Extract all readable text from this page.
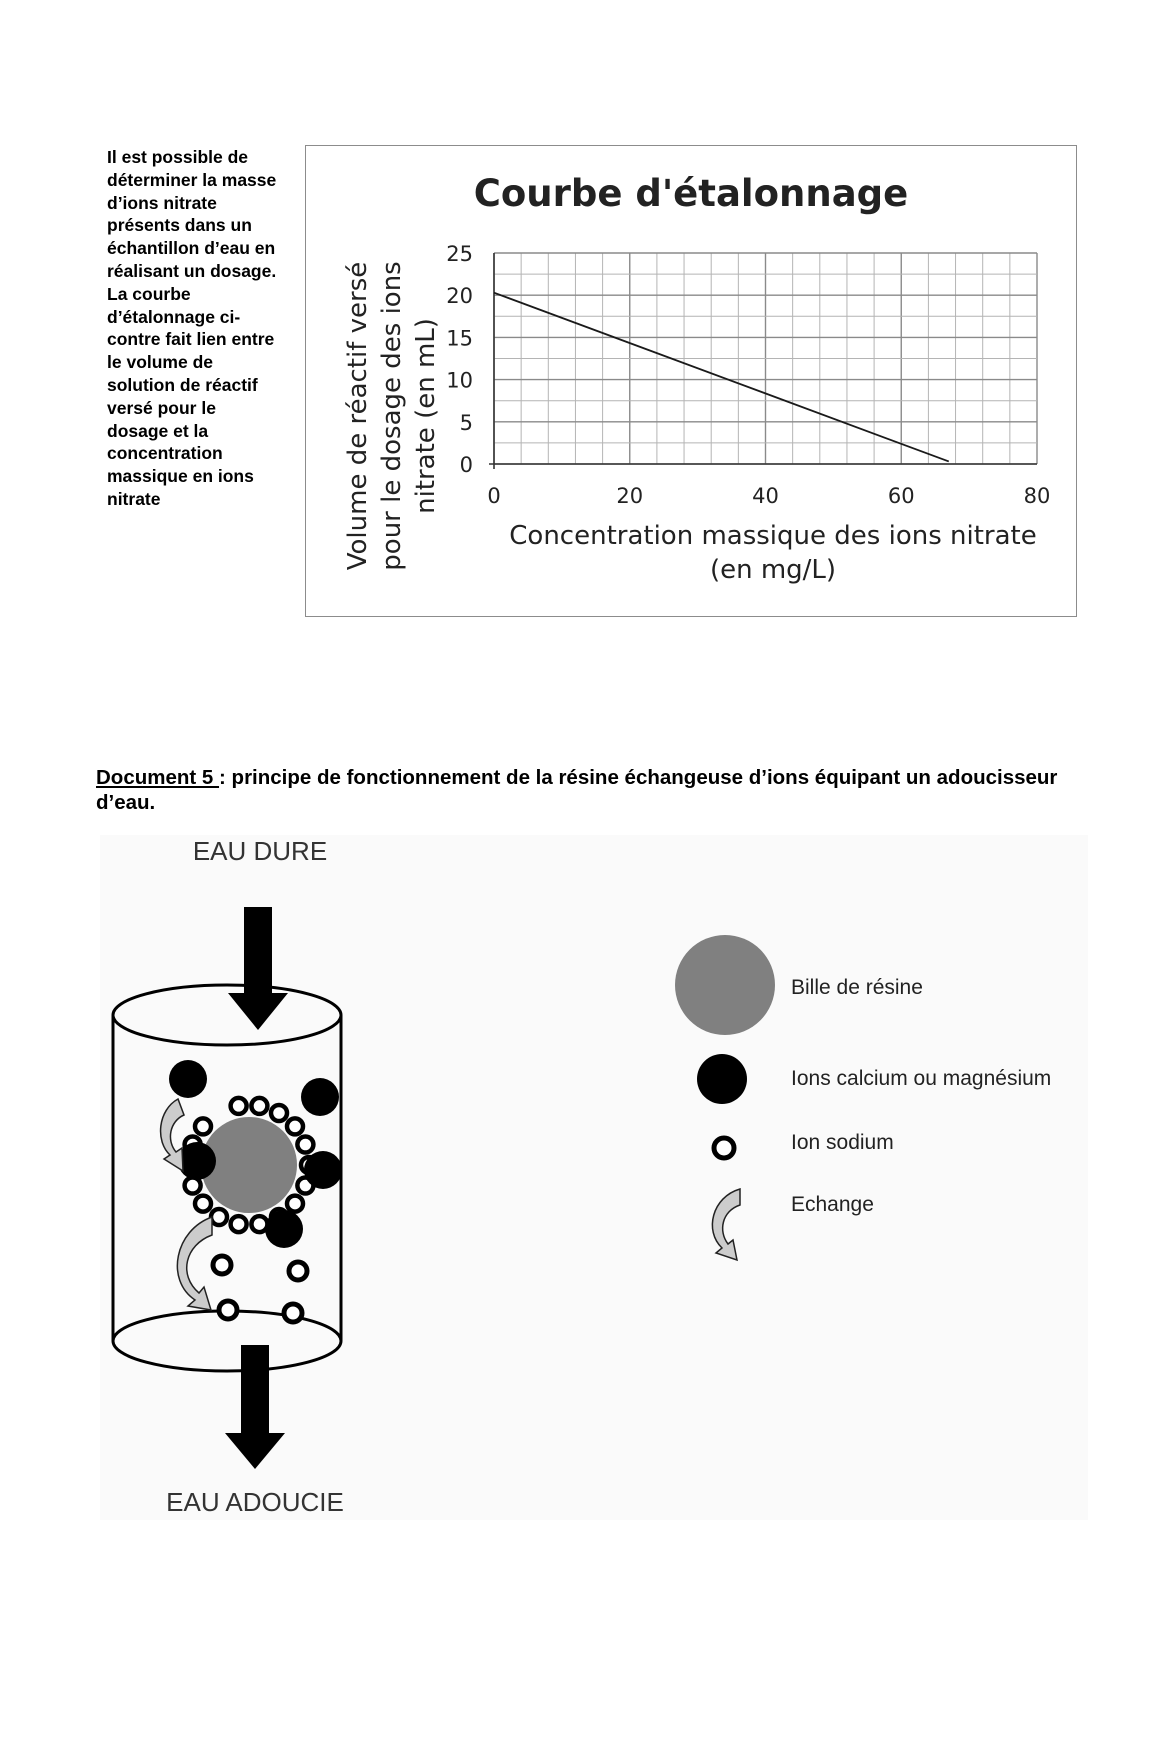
Il est possible de déterminer la masse d’ions nitrate présents dans un échantillon d’eau en réalisant un dosage.

La courbe d’étalonnage ci-contre fait lien entre le volume de solution de réactif versé pour le dosage et la concentration massique en ions nitrate

Courbe d'étalonnage
0	20	40	60	80
0
5
10
15
20
25
Concentration massique des ions nitrate
(en mg/L)
Volume de réactif versé pour le dosage des ions nitrate (en mL)
Document 5 : principe de fonctionnement de la résine échangeuse d’ions équipant un adoucisseur d’eau.
EAU DURE
EAU ADOUCIE
Bille de résine
Ions calcium ou magnésium
Ion sodium
Echange
